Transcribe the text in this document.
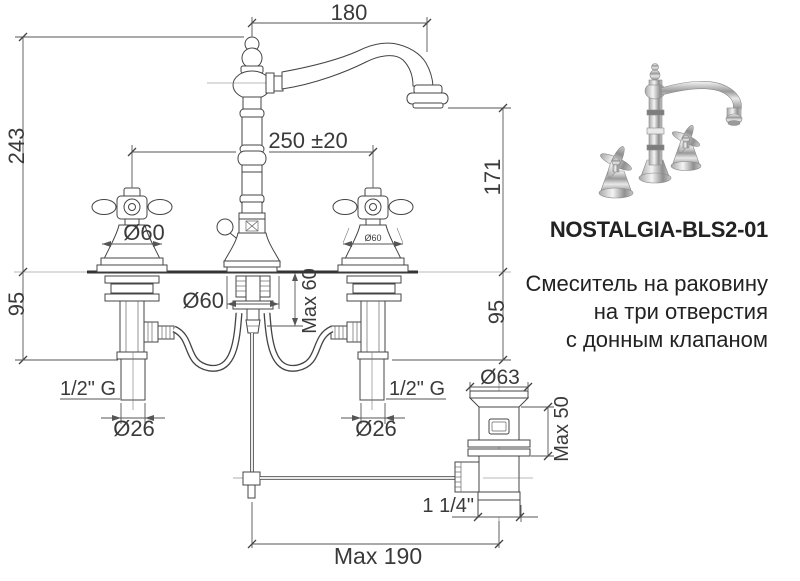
180
243	250 ±20
171
Ø60	Ø60
Ø60	Max 60
95	95
1/2" G
Ø26
1/2" G
Ø26
Ø63
Max 50
1 1/4"
Max 190
NOSTALGIA-BLS2-01
Смеситель на раковину
на три отверстия
с донным клапаном
